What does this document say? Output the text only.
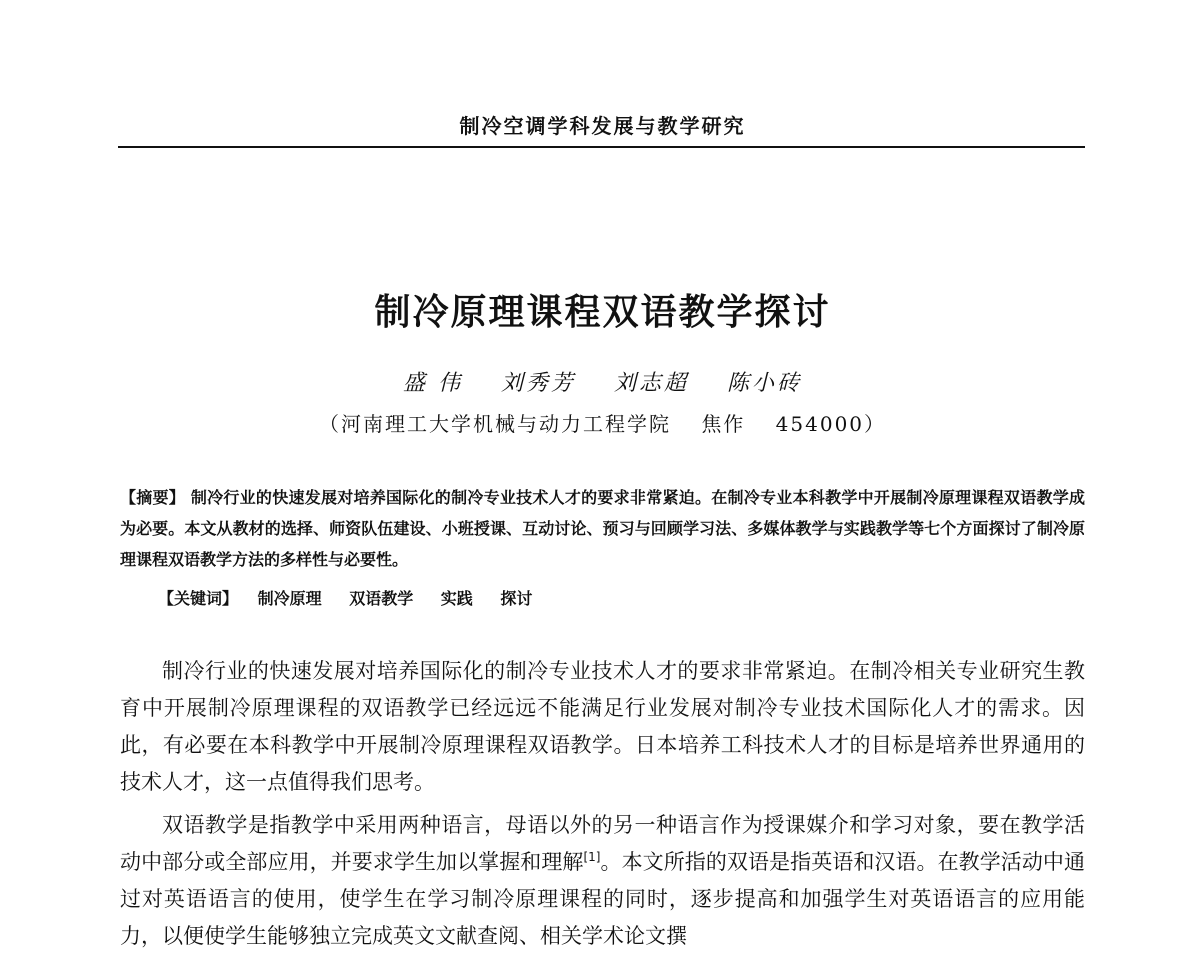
制冷空调学科发展与教学研究
制冷原理课程双语教学探讨
盛 伟 刘秀芳 刘志超 陈小砖
（河南理工大学机械与动力工程学院 焦作 454000）
【摘要】 制冷行业的快速发展对培养国际化的制冷专业技术人才的要求非常紧迫。在制冷专业本科教学中开展制冷原理课程双语教学成为必要。本文从教材的选择、师资队伍建设、小班授课、互动讨论、预习与回顾学习法、多媒体教学与实践教学等七个方面探讨了制冷原理课程双语教学方法的多样性与必要性。
【关键词】 制冷原理 双语教学 实践 探讨

制冷行业的快速发展对培养国际化的制冷专业技术人才的要求非常紧迫。在制冷相关专业研究生教育中开展制冷原理课程的双语教学已经远远不能满足行业发展对制冷专业技术国际化人才的需求。因此，有必要在本科教学中开展制冷原理课程双语教学。日本培养工科技术人才的目标是培养世界通用的技术人才，这一点值得我们思考。

双语教学是指教学中采用两种语言，母语以外的另一种语言作为授课媒介和学习对象，要在教学活动中部分或全部应用，并要求学生加以掌握和理解[1]。本文所指的双语是指英语和汉语。在教学活动中通过对英语语言的使用，使学生在学习制冷原理课程的同时，逐步提高和加强学生对英语语言的应用能力，以便使学生能够独立完成英文文献查阅、相关学术论文撰
